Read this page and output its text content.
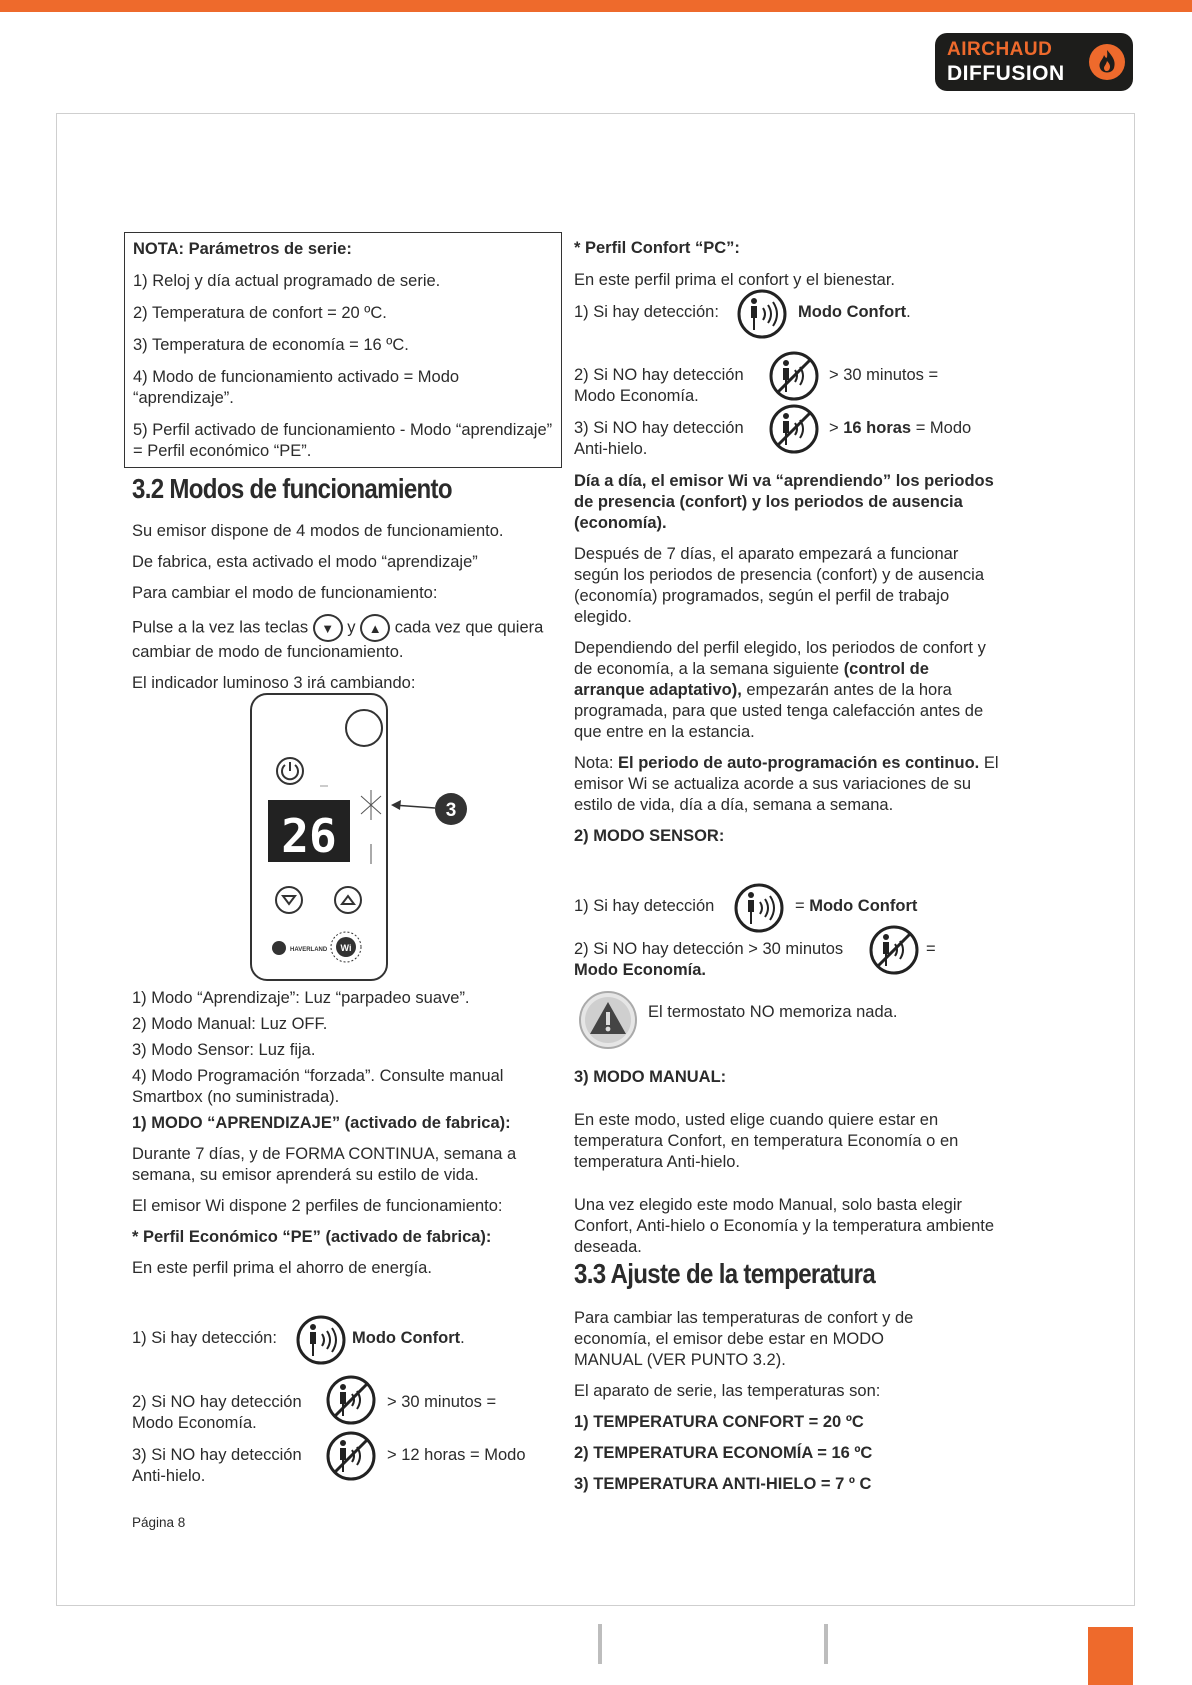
AIRCHAUD
DIFFUSION

NOTA: Parámetros de serie:

1) Reloj y día actual programado de serie.

2) Temperatura de confort = 20 ºC.

3) Temperatura de economía = 16 ºC.

4) Modo de funcionamiento activado = Modo “aprendizaje”.

5) Perfil activado de funcionamiento - Modo “aprendizaje” = Perfil económico “PE”.

3.2 Modos de funcionamiento

Su emisor dispone de 4 modos de funcionamiento.

De fabrica, esta activado el modo “aprendizaje”

Para cambiar el modo de funcionamiento:

Pulse a la vez las teclas ▼ y ▲ cada vez que quiera cambiar de modo de funcionamiento.

El indicador luminoso 3 irá cambiando:

26	3
HAVERLAND Wi

1) Modo “Aprendizaje”: Luz “parpadeo suave”.

2) Modo Manual: Luz OFF.

3) Modo Sensor: Luz fija.

4) Modo Programación “forzada”. Consulte manual Smartbox (no suministrada).

1) MODO “APRENDIZAJE” (activado de fabrica):

Durante 7 días, y de FORMA CONTINUA, semana a semana, su emisor aprenderá su estilo de vida.

El emisor Wi dispone 2 perfiles de funcionamiento:

* Perfil Económico “PE” (activado de fabrica):

En este perfil prima el ahorro de energía.

1) Si hay detección:	Modo Confort.
2) Si NO hay detección
Modo Economía.
> 30 minutos =
3) Si NO hay detección
Anti-hielo.
> 12 horas = Modo
Página 8

* Perfil Confort “PC”:

En este perfil prima el confort y el bienestar.

1) Si hay detección:	Modo Confort.
2) Si NO hay detección
Modo Economía.
> 30 minutos =
3) Si NO hay detección
Anti-hielo.
> 16 horas = Modo

Día a día, el emisor Wi va “aprendiendo” los periodos de presencia (confort) y los periodos de ausencia (economía).

Después de 7 días, el aparato empezará a funcionar según los periodos de presencia (confort) y de ausencia (economía) programados, según el perfil de trabajo elegido.

Dependiendo del perfil elegido, los periodos de confort y de economía, a la semana siguiente (control de arranque adaptativo), empezarán antes de la hora programada, para que usted tenga calefacción antes de que entre en la estancia.

Nota: El periodo de auto-programación es continuo. El emisor Wi se actualiza acorde a sus variaciones de su estilo de vida, día a día, semana a semana.

2) MODO SENSOR:

1) Si hay detección	= Modo Confort
2) Si NO hay detección > 30 minutos
Modo Economía.
=
El termostato NO memoriza nada.

3) MODO MANUAL:

En este modo, usted elige cuando quiere estar en temperatura Confort, en temperatura Economía o en temperatura Anti-hielo.

Una vez elegido este modo Manual, solo basta elegir Confort, Anti-hielo o Economía y la temperatura ambiente deseada.

3.3 Ajuste de la temperatura

Para cambiar las temperaturas de confort y de economía, el emisor debe estar en MODO MANUAL (VER PUNTO 3.2).

El aparato de serie, las temperaturas son:

1) TEMPERATURA CONFORT = 20 ºC

2) TEMPERATURA ECONOMÍA = 16 ºC

3) TEMPERATURA ANTI-HIELO = 7 º C
